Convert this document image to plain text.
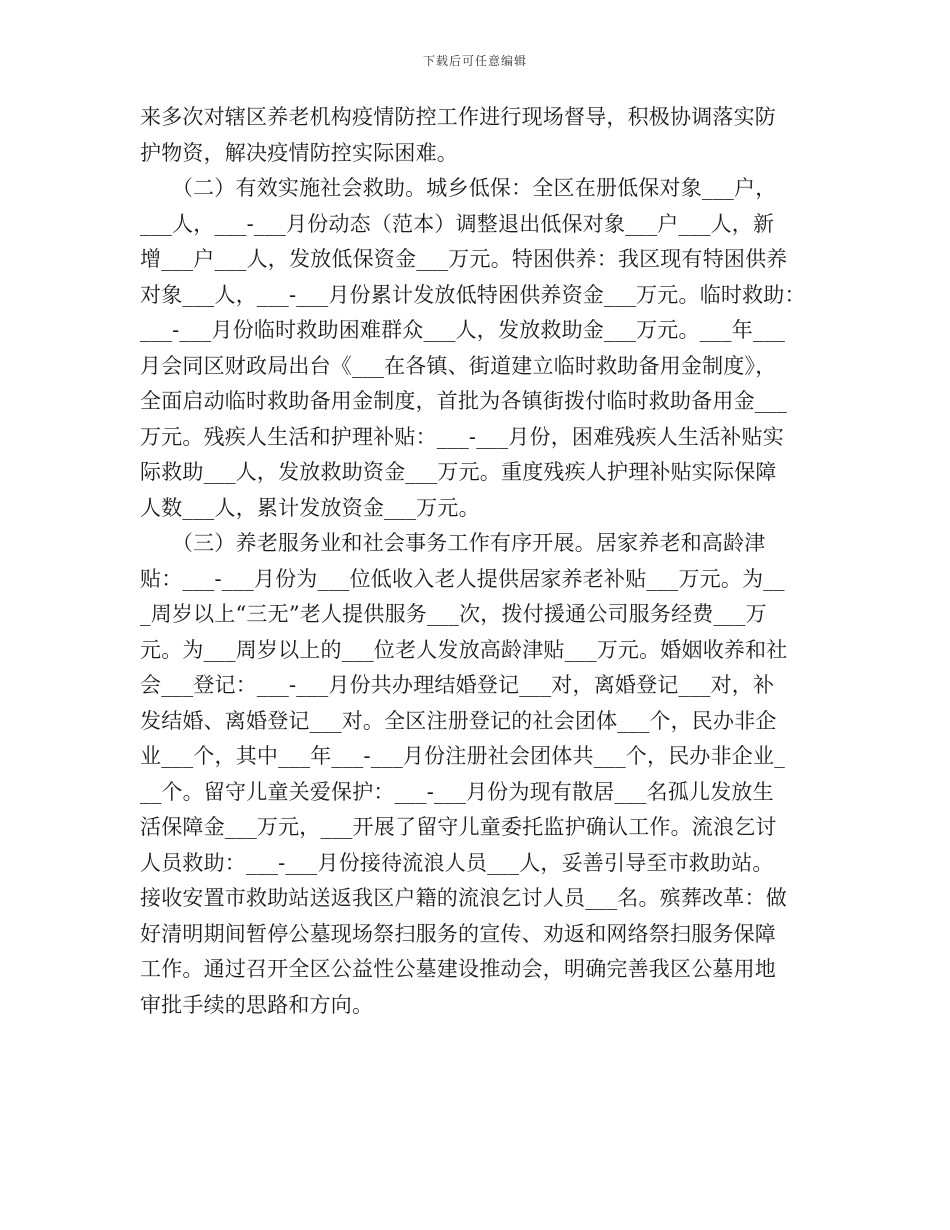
下载后可任意编辑
来多次对辖区养老机构疫情防控工作进行现场督导，积极协调落实防
护物资，解决疫情防控实际困难。
　　（二）有效实施社会救助。城乡低保：全区在册低保对象___户，
___人，___-___月份动态（范本）调整退出低保对象___户___人，新
增___户___人，发放低保资金___万元。特困供养：我区现有特困供养
对象___人，___-___月份累计发放低特困供养资金___万元。临时救助：
___-___月份临时救助困难群众___人，发放救助金___万元。___年___
月会同区财政局出台《___在各镇、街道建立临时救助备用金制度》，
全面启动临时救助备用金制度，首批为各镇街拨付临时救助备用金___
万元。残疾人生活和护理补贴：___-___月份，困难残疾人生活补贴实
际救助___人，发放救助资金___万元。重度残疾人护理补贴实际保障
人数___人，累计发放资金___万元。
　　（三）养老服务业和社会事务工作有序开展。居家养老和高龄津
贴：___-___月份为___位低收入老人提供居家养老补贴___万元。为__
_周岁以上“三无”老人提供服务___次，拨付援通公司服务经费___万
元。为___周岁以上的___位老人发放高龄津贴___万元。婚姻收养和社
会___登记：___-___月份共办理结婚登记___对，离婚登记___对，补
发结婚、离婚登记___对。全区注册登记的社会团体___个，民办非企
业___个，其中___年___-___月份注册社会团体共___个，民办非企业_
__个。留守儿童关爱保护：___-___月份为现有散居___名孤儿发放生
活保障金___万元，___开展了留守儿童委托监护确认工作。流浪乞讨
人员救助：___-___月份接待流浪人员___人，妥善引导至市救助站。
接收安置市救助站送返我区户籍的流浪乞讨人员___名。殡葬改革：做
好清明期间暂停公墓现场祭扫服务的宣传、劝返和网络祭扫服务保障
工作。通过召开全区公益性公墓建设推动会，明确完善我区公墓用地
审批手续的思路和方向。
